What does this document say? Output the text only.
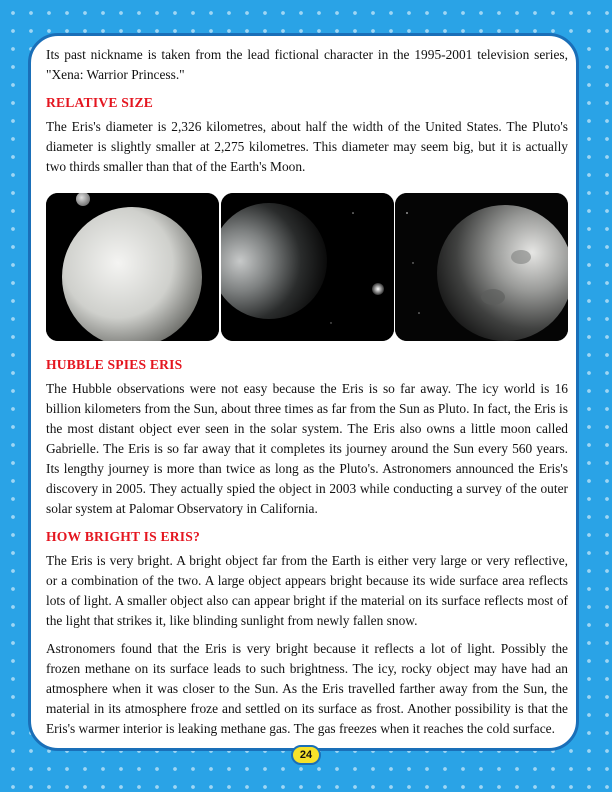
Its past nickname is taken from the lead fictional character in the 1995-2001 television series, "Xena: Warrior Princess."

RELATIVE SIZE

The Eris's diameter is 2,326 kilometres, about half the width of the United States. The Pluto's diameter is slightly smaller at 2,275 kilometres. This diameter may seem big, but it is actually two thirds smaller than that of the Earth's Moon.

HUBBLE SPIES ERIS

The Hubble observations were not easy because the Eris is so far away. The icy world is 16 billion kilometers from the Sun, about three times as far from the Sun as Pluto. In fact, the Eris is the most distant object ever seen in the solar system. The Eris also owns a little moon called Gabrielle. The Eris is so far away that it completes its journey around the Sun every 560 years. Its lengthy journey is more than twice as long as the Pluto's. Astronomers announced the Eris's discovery in 2005. They actually spied the object in 2003 while conducting a survey of the outer solar system at Palomar Observatory in California.

HOW BRIGHT IS ERIS?

The Eris is very bright. A bright object far from the Earth is either very large or very reflective, or a combination of the two. A large object appears bright because its wide surface area reflects lots of light. A smaller object also can appear bright if the material on its surface reflects most of the light that strikes it, like blinding sunlight from newly fallen snow.

Astronomers found that the Eris is very bright because it reflects a lot of light. Possibly the frozen methane on its surface leads to such brightness. The icy, rocky object may have had an atmosphere when it was closer to the Sun. As the Eris travelled farther away from the Sun, the material in its atmosphere froze and settled on its surface as frost. Another possibility is that the Eris's warmer interior is leaking methane gas. The gas freezes when it reaches the cold surface.

24
